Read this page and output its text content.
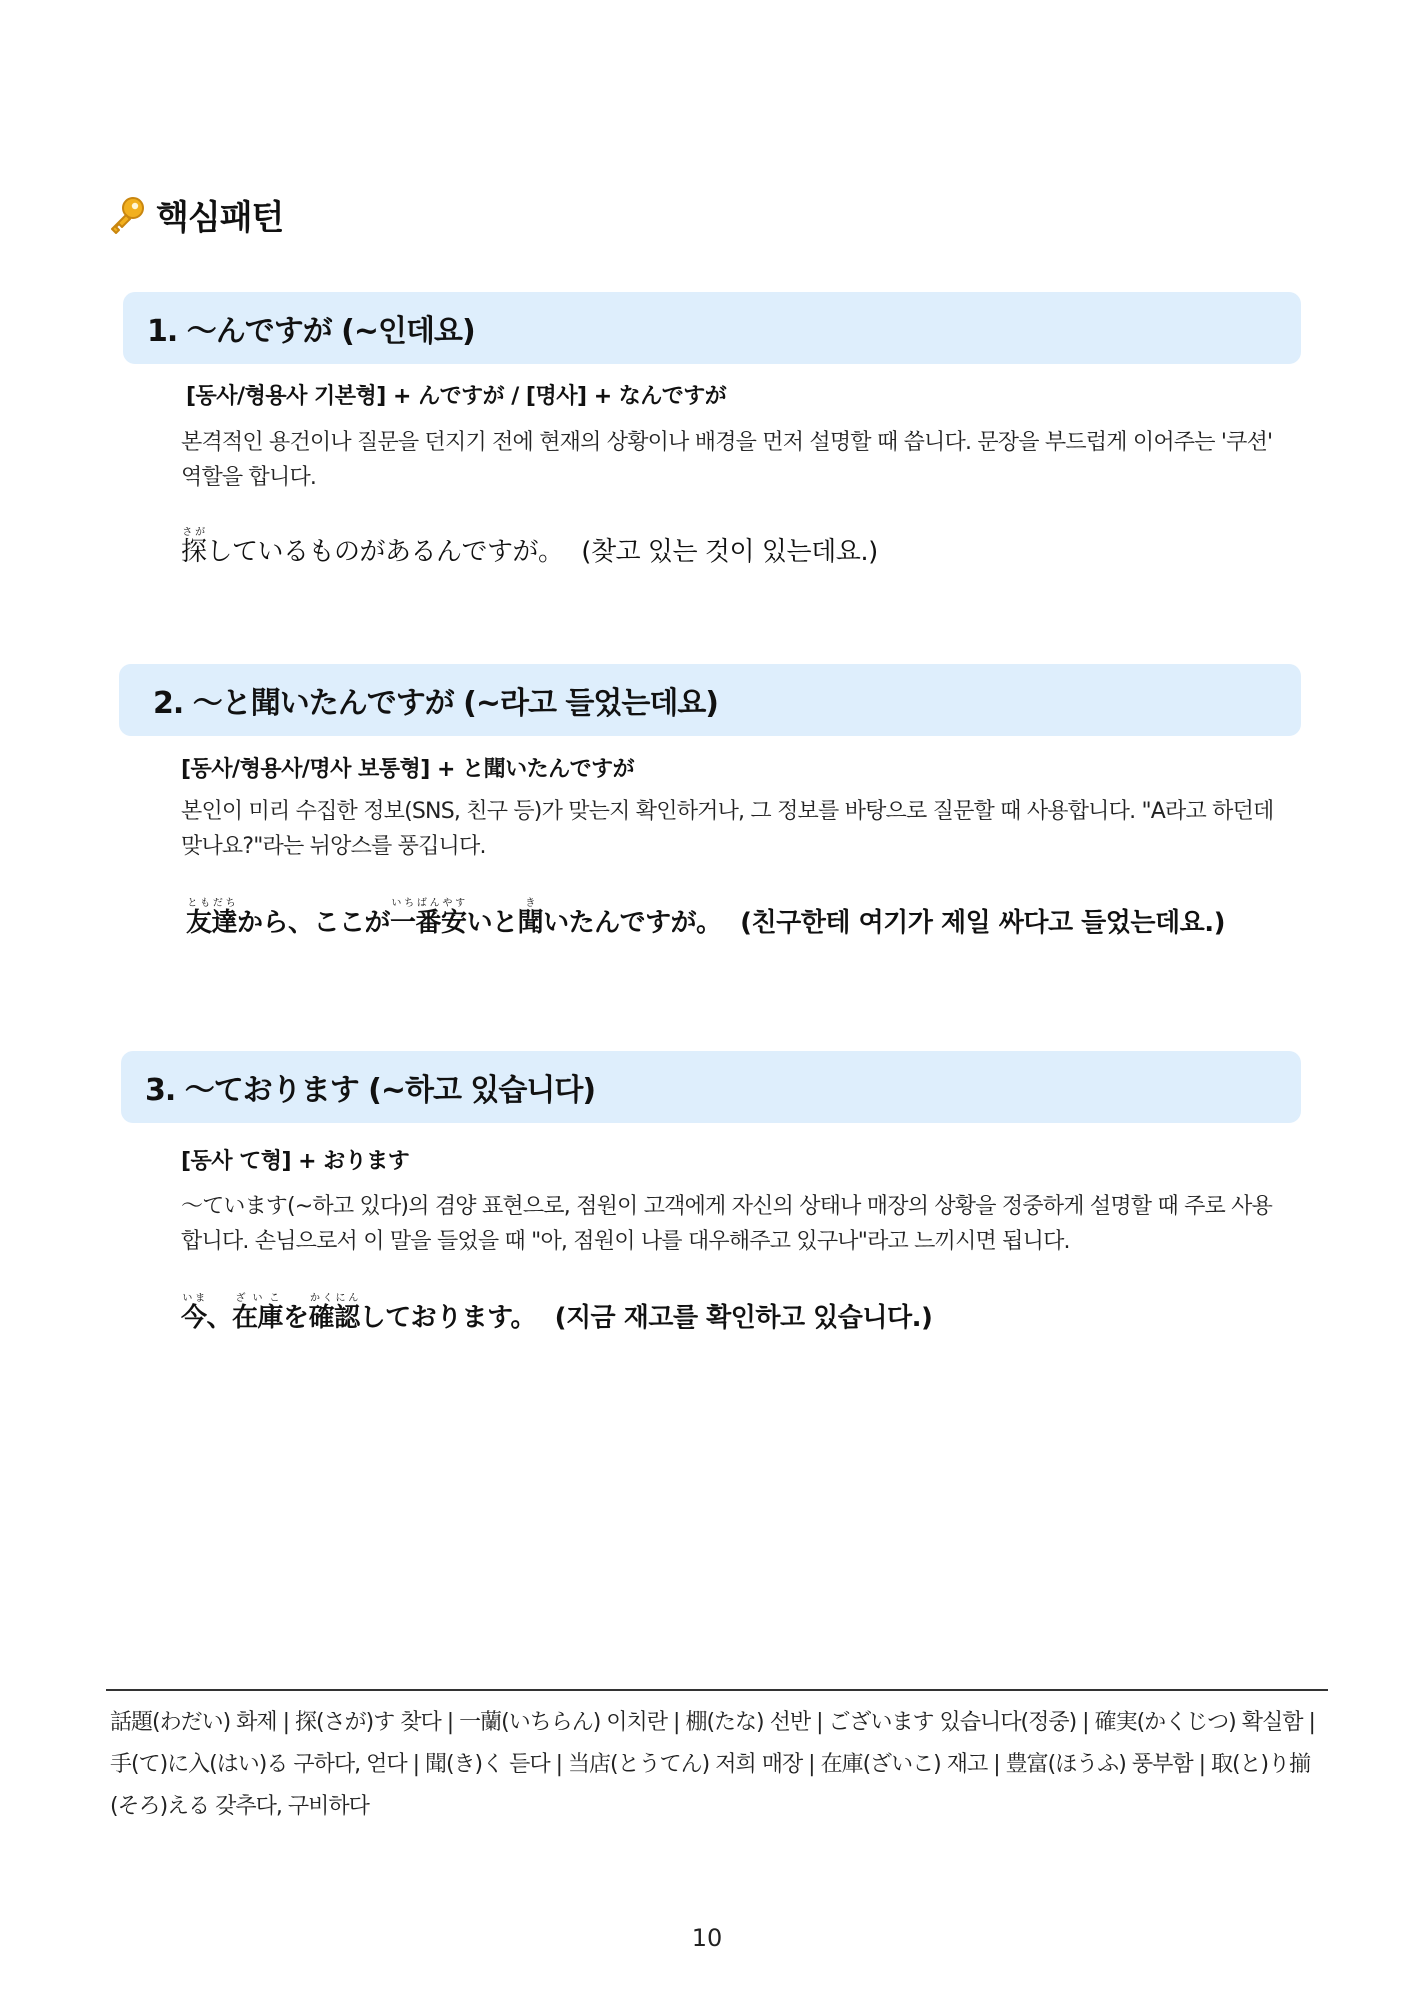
핵심패턴
1. 〜んですが (~인데요)
[동사/형용사 기본형] + んですが / [명사] + なんですが
본격적인 용건이나 질문을 던지기 전에 현재의 상황이나 배경을 먼저 설명할 때 씁니다. 문장을 부드럽게 이어주는 '쿠션' 역할을 합니다.
探さがしているものがあるんですが。 (찾고 있는 것이 있는데요.)
2. 〜と聞いたんですが (~라고 들었는데요)
[동사/형용사/명사 보통형] + と聞いたんですが
본인이 미리 수집한 정보(SNS, 친구 등)가 맞는지 확인하거나, 그 정보를 바탕으로 질문할 때 사용합니다. "A라고 하던데 맞나요?"라는 뉘앙스를 풍깁니다.
友達ともだちから、ここが一番いちばん安やすいと聞きいたんですが。 (친구한테 여기가 제일 싸다고 들었는데요.)
3. 〜ております (~하고 있습니다)
[동사 て형] + おります
〜ています(~하고 있다)의 겸양 표현으로, 점원이 고객에게 자신의 상태나 매장의 상황을 정중하게 설명할 때 주로 사용합니다. 손님으로서 이 말을 들었을 때 "아, 점원이 나를 대우해주고 있구나"라고 느끼시면 됩니다.
今いま、在庫ざいこを確認かくにんしております。 (지금 재고를 확인하고 있습니다.)
話題(わだい) 화제 | 探(さが)す 찾다 | 一蘭(いちらん) 이치란 | 棚(たな) 선반 | ございます 있습니다(정중) | 確実(かくじつ) 확실함 | 手(て)に入(はい)る 구하다, 얻다 | 聞(き)く 듣다 | 当店(とうてん) 저희 매장 | 在庫(ざいこ) 재고 | 豊富(ほうふ) 풍부함 | 取(と)り揃(そろ)える 갖추다, 구비하다
10
